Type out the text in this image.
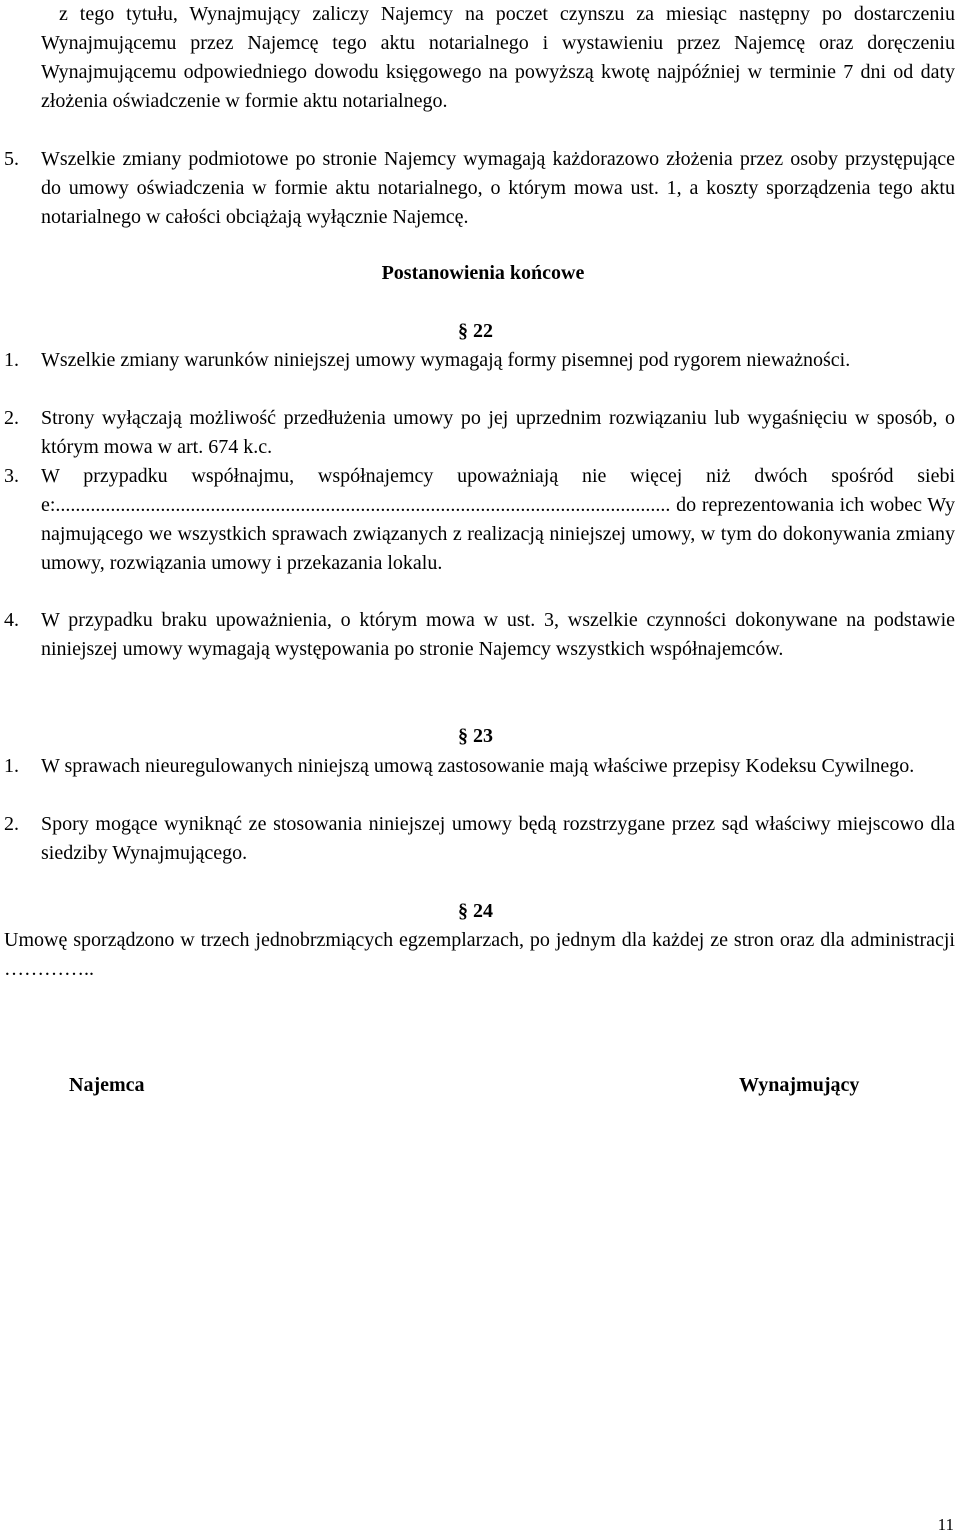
z tego tytułu, Wynajmujący zaliczy Najemcy na poczet czynszu za miesiąc następny po dostarczeniu Wynajmującemu przez Najemcę tego aktu notarialnego i wystawieniu przez Najemcę oraz doręczeniu Wynajmującemu odpowiedniego dowodu księgowego na powyższą kwotę najpóźniej w terminie 7 dni od daty złożenia oświadczenie w formie aktu notarialnego.
5.	Wszelkie zmiany podmiotowe po stronie Najemcy wymagają każdorazowo złożenia przez osoby przystępujące do umowy oświadczenia w formie aktu notarialnego, o którym mowa ust. 1, a koszty sporządzenia tego aktu notarialnego w całości obciążają wyłącznie Najemcę.
Postanowienia końcowe
§ 22
1.	Wszelkie zmiany warunków niniejszej umowy wymagają formy pisemnej pod rygorem nieważności.
2.	Strony wyłączają możliwość przedłużenia umowy po jej uprzednim rozwiązaniu lub wygaśnięciu w sposób, o którym mowa w art. 674 k.c.
3.	W przypadku współnajmu, współnajemcy upoważniają nie więcej niż dwóch spośród siebie:........................................................................................................................... do reprezentowania ich wobec Wynajmującego we wszystkich sprawach związanych z realizacją niniejszej umowy, w tym do dokonywania zmiany umowy, rozwiązania umowy i przekazania lokalu.
4.	W przypadku braku upoważnienia, o którym mowa w ust. 3, wszelkie czynności dokonywane na podstawie niniejszej umowy wymagają występowania po stronie Najemcy wszystkich współnajemców.
§ 23
1.	W sprawach nieuregulowanych niniejszą umową zastosowanie mają właściwe przepisy Kodeksu Cywilnego.
2.	Spory mogące wyniknąć ze stosowania niniejszej umowy będą rozstrzygane przez sąd właściwy miejscowo dla siedziby Wynajmującego.
§ 24
Umowę sporządzono w trzech jednobrzmiących egzemplarzach, po jednym dla każdej ze stron oraz dla administracji …………..
Najemca	Wynajmujący
11
